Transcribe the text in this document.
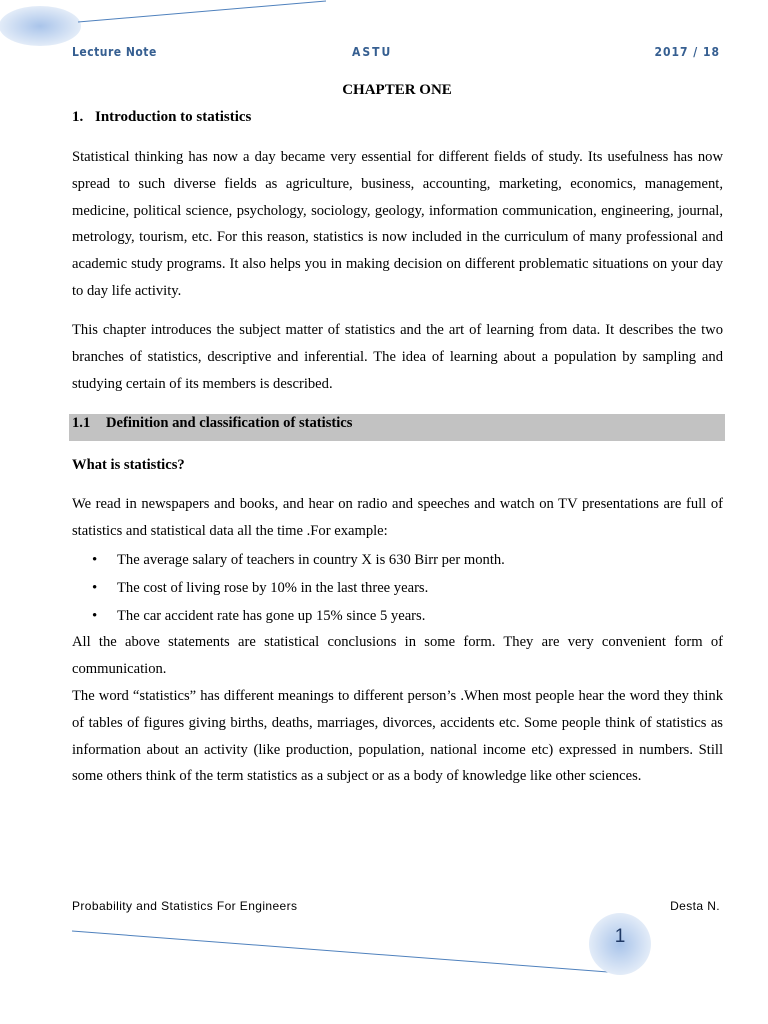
Lecture Note	ASTU	2017 / 18
CHAPTER ONE
1. Introduction to statistics

Statistical thinking has now a day became very essential for different fields of study. Its usefulness has now spread to such diverse fields as agriculture, business, accounting, marketing, economics, management, medicine, political science, psychology, sociology, geology, information communication, engineering, journal, metrology, tourism, etc. For this reason, statistics is now included in the curriculum of many professional and academic study programs. It also helps you in making decision on different problematic situations on your day to day life activity.

This chapter introduces the subject matter of statistics and the art of learning from data. It describes the two branches of statistics, descriptive and inferential. The idea of learning about a population by sampling and studying certain of its members is described.

1.1 Definition and classification of statistics
What is statistics?

We read in newspapers and books, and hear on radio and speeches and watch on TV presentations are full of statistics and statistical data all the time .For example:

• The average salary of teachers in country X is 630 Birr per month.
• The cost of living rose by 10% in the last three years.
• The car accident rate has gone up 15% since 5 years.

All the above statements are statistical conclusions in some form. They are very convenient form of communication.

The word “statistics” has different meanings to different person’s .When most people hear the word they think of tables of figures giving births, deaths, marriages, divorces, accidents etc. Some people think of statistics as information about an activity (like production, population, national income etc) expressed in numbers. Still some others think of the term statistics as a subject or as a body of knowledge like other sciences.

Probability and Statistics For Engineers	Desta N.
1
